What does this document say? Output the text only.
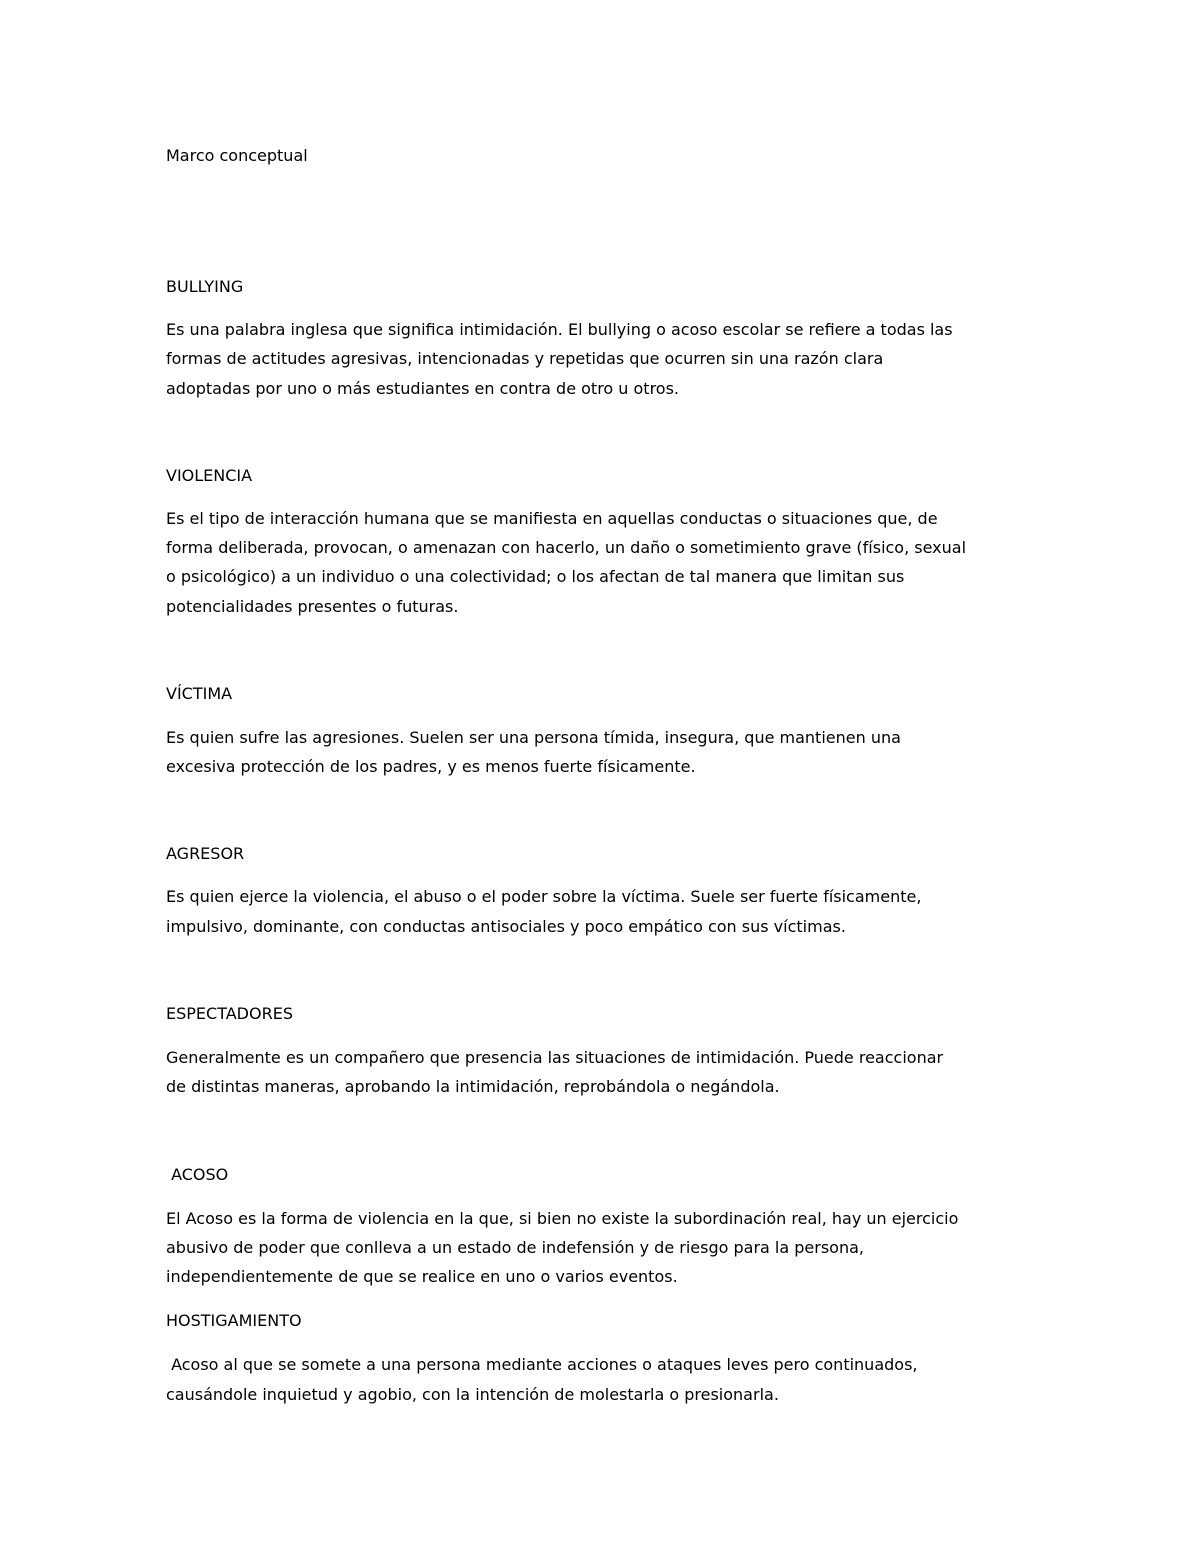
Marco conceptual

BULLYING

Es una palabra inglesa que significa intimidación. El bullying o acoso escolar se refiere a todas las

formas de actitudes agresivas, intencionadas y repetidas que ocurren sin una razón clara

adoptadas por uno o más estudiantes en contra de otro u otros.

VIOLENCIA

Es el tipo de interacción humana que se manifiesta en aquellas conductas o situaciones que, de

forma deliberada, provocan, o amenazan con hacerlo, un daño o sometimiento grave (físico, sexual

o psicológico) a un individuo o una colectividad; o los afectan de tal manera que limitan sus

potencialidades presentes o futuras.

VÍCTIMA

Es quien sufre las agresiones. Suelen ser una persona tímida, insegura, que mantienen una

excesiva protección de los padres, y es menos fuerte físicamente.

AGRESOR

Es quien ejerce la violencia, el abuso o el poder sobre la víctima. Suele ser fuerte físicamente,

impulsivo, dominante, con conductas antisociales y poco empático con sus víctimas.

ESPECTADORES

Generalmente es un compañero que presencia las situaciones de intimidación. Puede reaccionar

de distintas maneras, aprobando la intimidación, reprobándola o negándola.

ACOSO

El Acoso es la forma de violencia en la que, si bien no existe la subordinación real, hay un ejercicio

abusivo de poder que conlleva a un estado de indefensión y de riesgo para la persona,

independientemente de que se realice en uno o varios eventos.

HOSTIGAMIENTO

Acoso al que se somete a una persona mediante acciones o ataques leves pero continuados,

causándole inquietud y agobio, con la intención de molestarla o presionarla.
